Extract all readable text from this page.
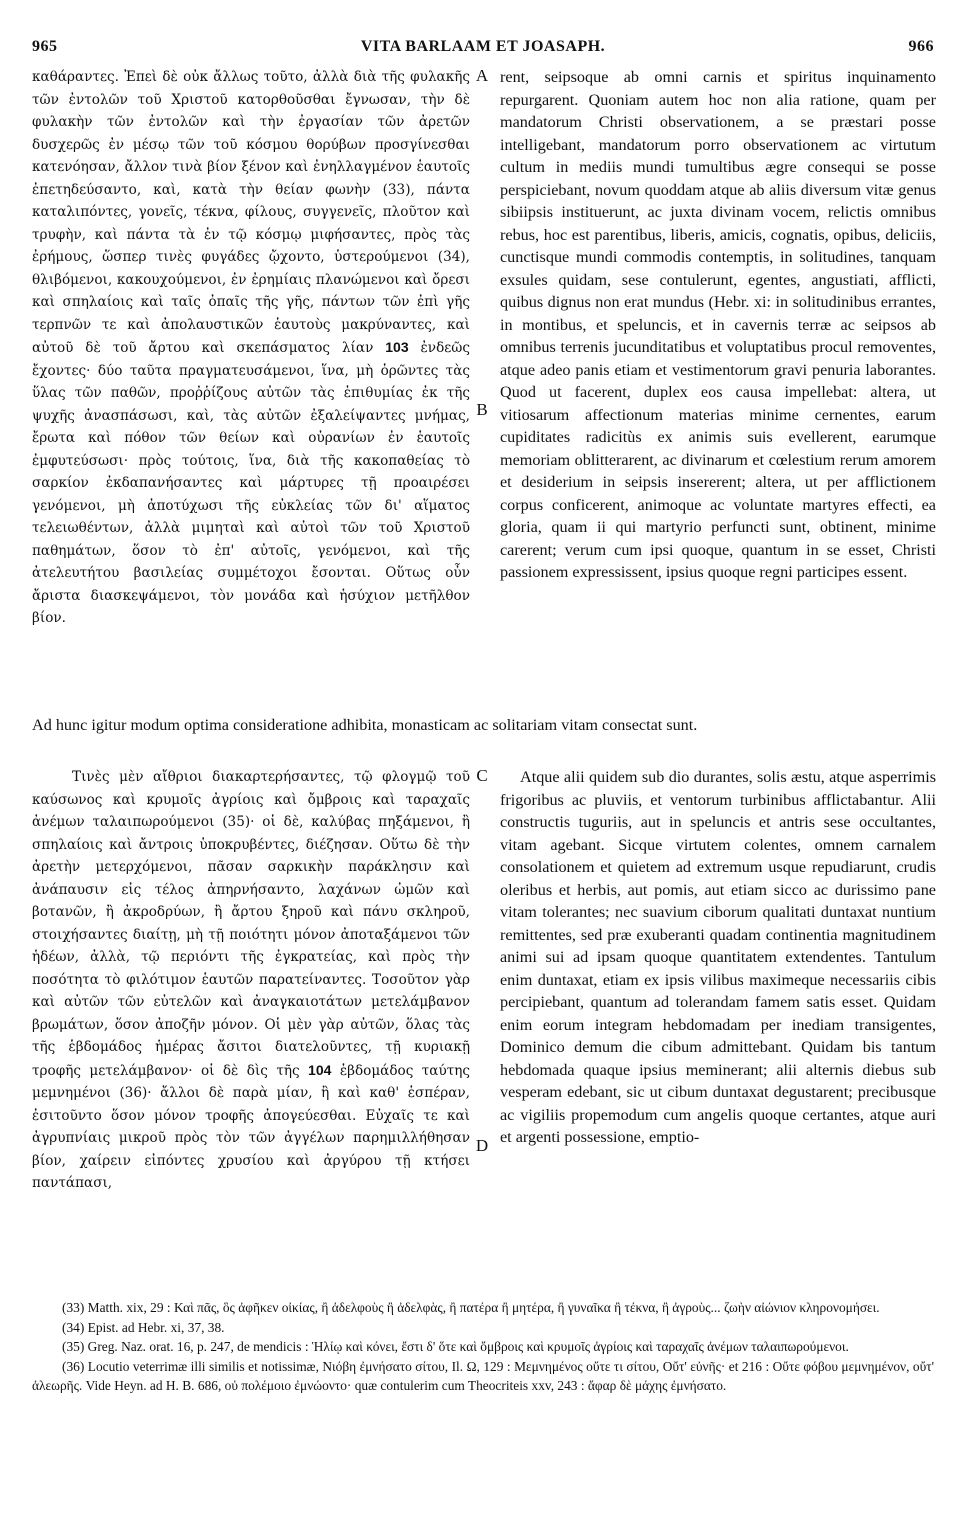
965	VITA BARLAAM ET JOASAPH.	966

καθάραντες. Ἐπεὶ δὲ οὐκ ἄλλως τοῦτο, ἀλλὰ διὰ τῆς φυλακῆς τῶν ἐντολῶν τοῦ Χριστοῦ κατορθοῦσθαι ἔγνωσαν, τὴν δὲ φυλακὴν τῶν ἐντολῶν καὶ τὴν ἐργασίαν τῶν ἀρετῶν δυσχερῶς ἐν μέσῳ τῶν τοῦ κόσμου θορύβων προσγίνεσθαι κατενόησαν, ἄλλον τινὰ βίον ξένον καὶ ἐνηλλαγμένον ἑαυτοῖς ἐπετηδεύσαντο, καὶ, κατὰ τὴν θείαν φωνὴν (33), πάντα καταλιπόντες, γονεῖς, τέκνα, φίλους, συγγενεῖς, πλοῦτον καὶ τρυφὴν, καὶ πάντα τὰ ἐν τῷ κόσμῳ μιφήσαντες, πρὸς τὰς ἐρήμους, ὥσπερ τινὲς φυγάδες ᾤχοντο, ὑστερούμενοι (34), θλιβόμενοι, κακουχούμενοι, ἐν ἐρημίαις πλανώμενοι καὶ ὄρεσι καὶ σπηλαίοις καὶ ταῖς ὀπαῖς τῆς γῆς, πάντων τῶν ἐπὶ γῆς τερπνῶν τε καὶ ἀπολαυστικῶν ἑαυτοὺς μακρύναντες, καὶ αὐτοῦ δὲ τοῦ ἄρτου καὶ σκεπάσματος λίαν 103 ἐνδεῶς ἔχοντες· δύο ταῦτα πραγματευσάμενοι, ἵνα, μὴ ὁρῶντες τὰς ὕλας τῶν παθῶν, προῤῥίζους αὐτῶν τὰς ἐπιθυμίας ἐκ τῆς ψυχῆς ἀνασπάσωσι, καὶ, τὰς αὐτῶν ἐξαλείψαντες μνήμας, ἔρωτα καὶ πόθον τῶν θείων καὶ οὐρανίων ἐν ἑαυτοῖς ἐμφυτεύσωσι· πρὸς τούτοις, ἵνα, διὰ τῆς κακοπαθείας τὸ σαρκίον ἐκδαπανήσαντες καὶ μάρτυρες τῇ προαιρέσει γενόμενοι, μὴ ἀποτύχωσι τῆς εὐκλείας τῶν δι' αἵματος τελειωθέντων, ἀλλὰ μιμηταὶ καὶ αὐτοὶ τῶν τοῦ Χριστοῦ παθημάτων, ὅσον τὸ ἐπ' αὐτοῖς, γενόμενοι, καὶ τῆς ἀτελευτήτου βασιλείας συμμέτοχοι ἔσονται. Οὕτως οὖν ἄριστα διασκεψάμενοι, τὸν μονάδα καὶ ἡσύχιον μετῆλθον βίον.

A
B

rent, seipsoque ab omni carnis et spiritus inquinamento repurgarent. Quoniam autem hoc non alia ratione, quam per mandatorum Christi observationem, a se præstari posse intelligebant, mandatorum porro observationem ac virtutum cultum in mediis mundi tumultibus ægre consequi se posse perspiciebant, novum quoddam atque ab aliis diversum vitæ genus sibiipsis instituerunt, ac juxta divinam vocem, relictis omnibus rebus, hoc est parentibus, liberis, amicis, cognatis, opibus, deliciis, cunctisque mundi commodis contemptis, in solitudines, tanquam exsules quidam, sese contulerunt, egentes, angustiati, afflicti, quibus dignus non erat mundus (Hebr. xi: in solitudinibus errantes, in montibus, et speluncis, et in cavernis terræ ac seipsos ab omnibus terrenis jucunditatibus et voluptatibus procul removentes, atque adeo panis etiam et vestimentorum gravi penuria laborantes. Quod ut facerent, duplex eos causa impellebat: altera, ut vitiosarum affectionum materias minime cernentes, earum cupiditates radicitùs ex animis suis evellerent, earumque memoriam oblitterarent, ac divinarum et cœlestium rerum amorem et desiderium in seipsis insererent; altera, ut per afflictionem corpus conficerent, animoque ac voluntate martyres effecti, ea gloria, quam ii qui martyrio perfuncti sunt, obtinent, minime carerent; verum cum ipsi quoque, quantum in se esset, Christi passionem expressissent, ipsius quoque regni participes essent.

Ad hunc igitur modum optima consideratione adhibita, monasticam ac solitariam vitam consectat sunt.

Τινὲς μὲν αἴθριοι διακαρτερήσαντες, τῷ φλογμῷ τοῦ καύσωνος καὶ κρυμοῖς ἀγρίοις καὶ ὄμβροις καὶ ταραχαῖς ἀνέμων ταλαιπωρούμενοι (35)· οἱ δὲ, καλύβας πηξάμενοι, ἢ σπηλαίοις καὶ ἄντροις ὑποκρυβέντες, διέζησαν. Οὕτω δὲ τὴν ἀρετὴν μετερχόμενοι, πᾶσαν σαρκικὴν παράκλησιν καὶ ἀνάπαυσιν εἰς τέλος ἀπηρνήσαντο, λαχάνων ὠμῶν καὶ βοτανῶν, ἢ ἀκροδρύων, ἢ ἄρτου ξηροῦ καὶ πάνυ σκληροῦ, στοιχήσαντες διαίτῃ, μὴ τῇ ποιότητι μόνον ἀποταξάμενοι τῶν ἡδέων, ἀλλὰ, τῷ περιόντι τῆς ἐγκρατείας, καὶ πρὸς τὴν ποσότητα τὸ φιλότιμον ἑαυτῶν παρατείναντες. Τοσοῦτον γὰρ καὶ αὐτῶν τῶν εὐτελῶν καὶ ἀναγκαιοτάτων μετελάμβανον βρωμάτων, ὅσον ἀποζῆν μόνον. Οἱ μὲν γὰρ αὐτῶν, ὅλας τὰς τῆς ἑβδομάδος ἡμέρας ἄσιτοι διατελοῦντες, τῇ κυριακῇ τροφῆς μετελάμβανον· οἱ δὲ δὶς τῆς 104 ἑβδομάδος ταύτης μεμνημένοι (36)· ἄλλοι δὲ παρὰ μίαν, ἢ καὶ καθ' ἑσπέραν, ἐσιτοῦντο ὅσον μόνον τροφῆς ἀπογεύεσθαι. Εὐχαῖς τε καὶ ἀγρυπνίαις μικροῦ πρὸς τὸν τῶν ἀγγέλων παρημιλλήθησαν βίον, χαίρειν εἰπόντες χρυσίου καὶ ἀργύρου τῇ κτήσει παντάπασι,

C
D

Atque alii quidem sub dio durantes, solis æstu, atque asperrimis frigoribus ac pluviis, et ventorum turbinibus afflictabantur. Alii constructis tuguriis, aut in speluncis et antris sese occultantes, vitam agebant. Sicque virtutem colentes, omnem carnalem consolationem et quietem ad extremum usque repudiarunt, crudis oleribus et herbis, aut pomis, aut etiam sicco ac durissimo pane vitam tolerantes; nec suavium ciborum qualitati duntaxat nuntium remittentes, sed præ exuberanti quadam continentia magnitudinem animi sui ad ipsam quoque quantitatem extendentes. Tantulum enim duntaxat, etiam ex ipsis vilibus maximeque necessariis cibis percipiebant, quantum ad tolerandam famem satis esset. Quidam enim eorum integram hebdomadam per inediam transigentes, Dominico demum die cibum admittebant. Quidam bis tantum hebdomada quaque ipsius meminerant; alii alternis diebus sub vesperam edebant, sic ut cibum duntaxat degustarent; precibusque ac vigiliis propemodum cum angelis quoque certantes, atque auri et argenti possessione, emptio-

(33) Matth. xix, 29 : Καὶ πᾶς, ὃς ἀφῆκεν οἰκίας, ἢ ἀδελφοὺς ἢ ἀδελφὰς, ἢ πατέρα ἢ μητέρα, ἢ γυναῖκα ἢ τέκνα, ἢ ἀγροὺς... ζωὴν αἰώνιον κληρονομήσει.

(34) Epist. ad Hebr. xi, 37, 38.

(35) Greg. Naz. orat. 16, p. 247, de mendicis : Ἡλίῳ καὶ κόνει, ἔστι δ' ὅτε καὶ ὄμβροις καὶ κρυμοῖς ἀγρίοις καὶ ταραχαῖς ἀνέμων ταλαιπωρούμενοι.

(36) Locutio veterrimæ illi similis et notissimæ, Νιόβη ἐμνήσατο σίτου, Il. Ω, 129 : Μεμνημένος οὔτε τι σίτου, Οὔτ' εὐνῆς· et 216 : Οὔτε φόβου μεμνημένον, οὔτ' ἀλεωρῆς. Vide Heyn. ad H. B. 686, οὐ πολέμοιο ἐμνώοντο· quæ contulerim cum Theocriteis xxv, 243 : ἄφαρ δὲ μάχης ἐμνήσατο.
